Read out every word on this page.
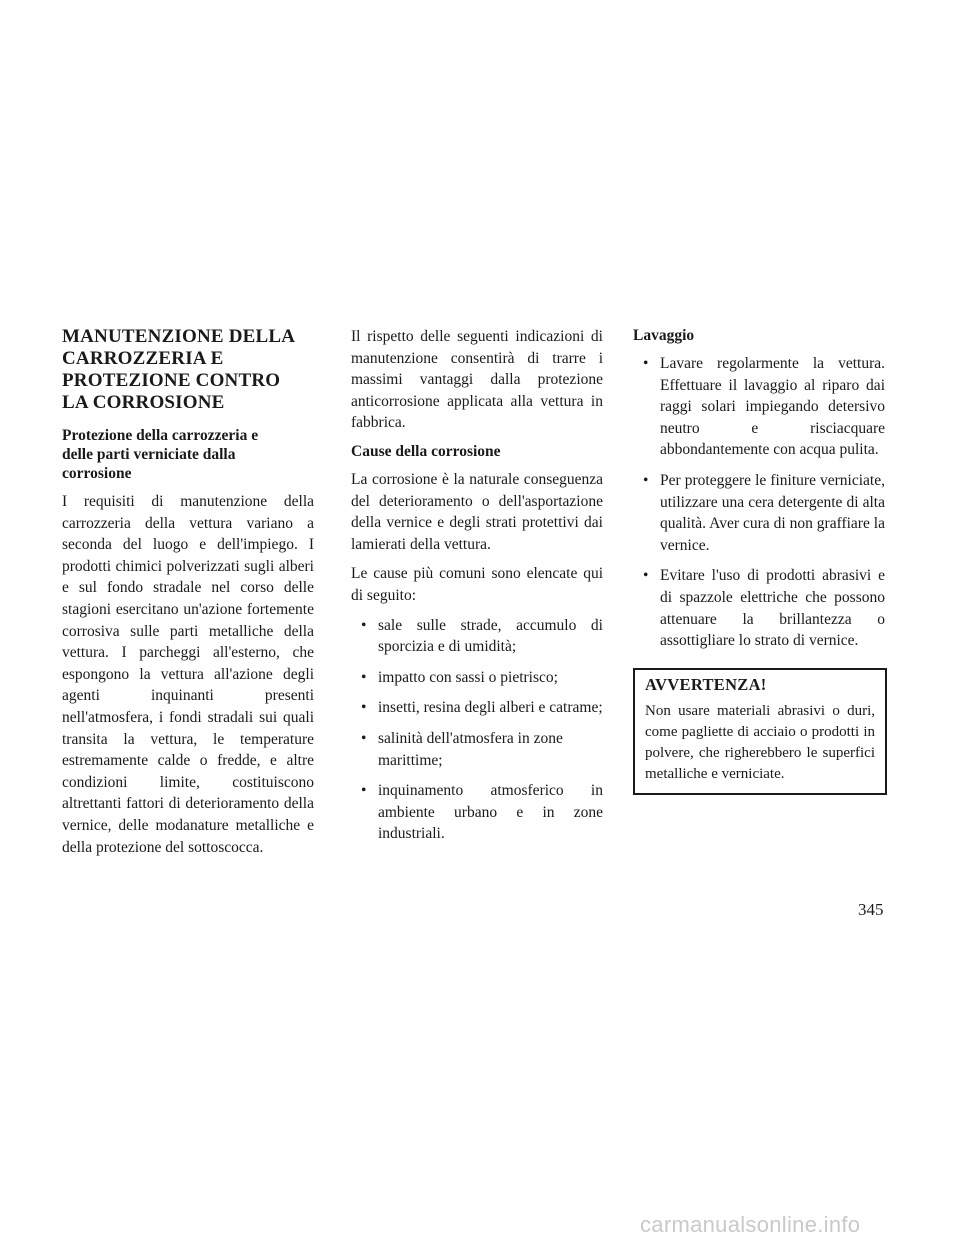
MANUTENZIONE DELLA
CARROZZERIA E
PROTEZIONE CONTRO
LA CORROSIONE
Protezione della carrozzeria e
delle parti verniciate dalla
corrosione

I requisiti di manutenzione della carrozzeria della vettura variano a seconda del luogo e dell'impiego. I prodotti chimici polverizzati sugli alberi e sul fondo stradale nel corso delle stagioni esercitano un'azione fortemente corrosiva sulle parti metalliche della vettura. I parcheggi all'esterno, che espongono la vettura all'azione degli agenti inquinanti presenti nell'atmosfera, i fondi stradali sui quali transita la vettura, le temperature estremamente calde o fredde, e altre condizioni limite, costituiscono altrettanti fattori di deterioramento della vernice, delle modanature metalliche e della protezione del sottoscocca.

Il rispetto delle seguenti indicazioni di manutenzione consentirà di trarre i massimi vantaggi dalla protezione anticorrosione applicata alla vettura in fabbrica.

Cause della corrosione

La corrosione è la naturale conseguenza del deterioramento o dell'asportazione della vernice e degli strati protettivi dai lamierati della vettura.

Le cause più comuni sono elencate qui di seguito:

• sale sulle strade, accumulo di sporcizia e di umidità;
• impatto con sassi o pietrisco;
• insetti, resina degli alberi e catrame;
• salinità dell'atmosfera in zone marittime;
• inquinamento atmosferico in ambiente urbano e in zone industriali.
Lavaggio
• Lavare regolarmente la vettura. Effettuare il lavaggio al riparo dai raggi solari impiegando detersivo neutro e risciacquare abbondantemente con acqua pulita.
• Per proteggere le finiture verniciate, utilizzare una cera detergente di alta qualità. Aver cura di non graffiare la vernice.
• Evitare l'uso di prodotti abrasivi e di spazzole elettriche che possono attenuare la brillantezza o assottigliare lo strato di vernice.
AVVERTENZA!

Non usare materiali abrasivi o duri, come pagliette di acciaio o prodotti in polvere, che righerebbero le superfici metalliche e verniciate.

345
carmanualsonline.info
